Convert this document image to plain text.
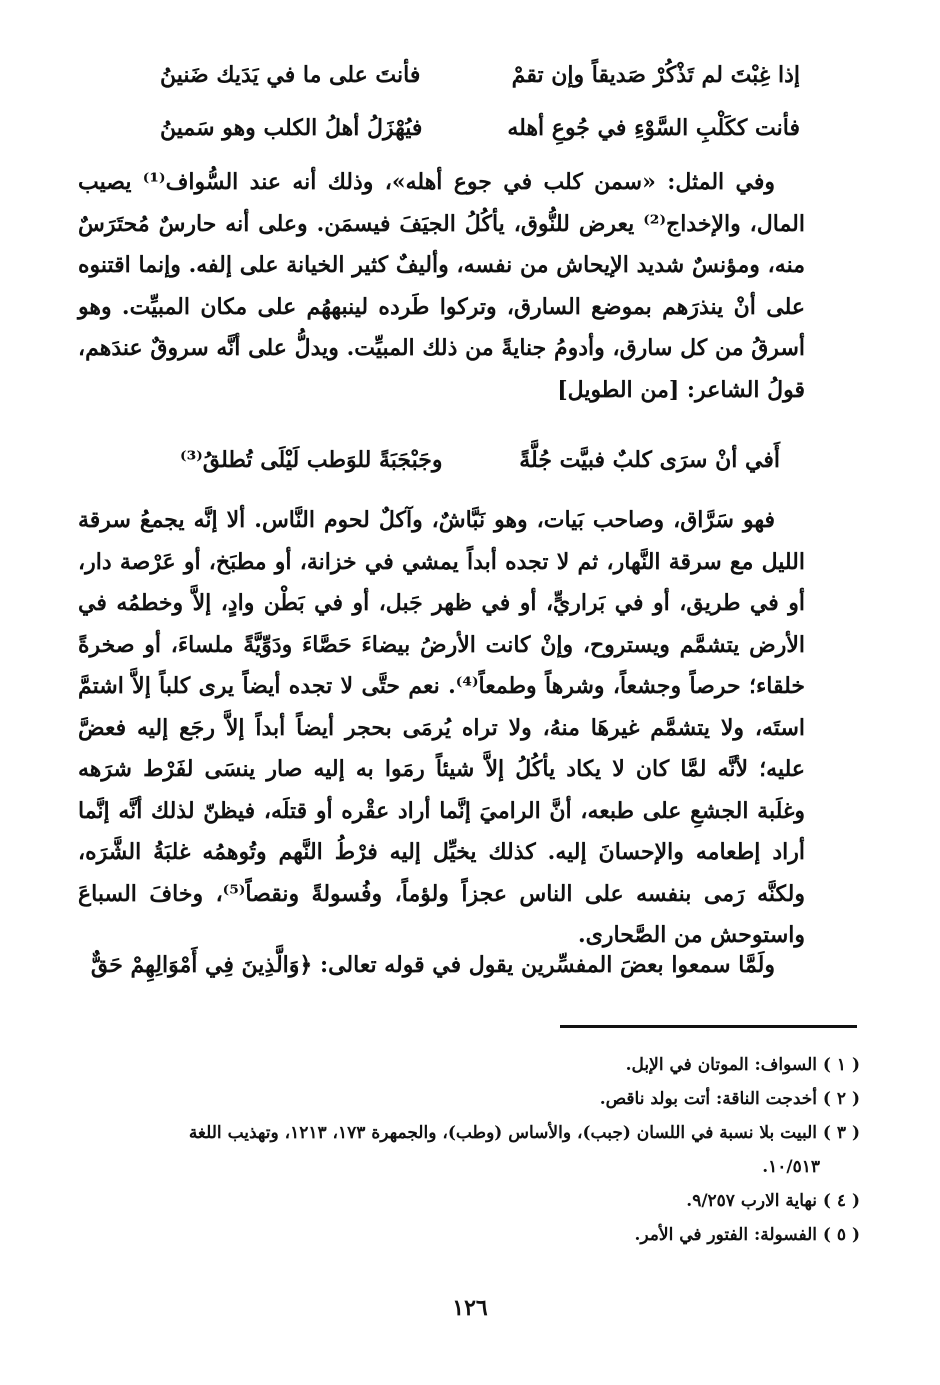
إذا غِبْتَ لم تَذْكُرْ صَديقاً وإن تقمْ
فأنتَ على ما في يَدَيك ضَنينُ
فأنت ككَلْبِ السَّوْءِ في جُوعِ أهله
فيُهْزَلُ أهلُ الكلب وهو سَمينُ

وفي المثل: «سمن كلب في جوع أهله»، وذلك أنه عند السُّواف⁽¹⁾ يصيب المال، والإخداج⁽²⁾ يعرض للنُّوق، يأكُلُ الجيَفَ فيسمَن. وعلى أنه حارسٌ مُحتَرَسٌ منه، ومؤنسٌ شديد الإيحاش من نفسه، وأليفٌ كثير الخيانة على إلفه. وإنما اقتنوه على أنْ ينذرَهم بموضع السارق، وتركوا طَرده لينبههُم على مكان المبيِّت. وهو أسرقُ من كل سارق، وأدومُ جنايةً من ذلك المبيِّت. ويدلُّ على أنَّه سروقٌ عندَهم، قولُ الشاعر: [من الطويل]

أَفي أنْ سرَى كلبٌ فبيَّت جُلَّةً
وجَبْجَبَةً للوَطب لَيْلَى تُطلقُ⁽³⁾

فهو سَرَّاق، وصاحب بَيات، وهو نَبَّاشٌ، وآكلٌ لحوم النَّاس. ألا إنَّه يجمعُ سرقة الليل مع سرقة النَّهار، ثم لا تجده أبداً يمشي في خزانة، أو مطبَخ، أو عَرْصة دار، أو في طريق، أو في بَراريٍّ، أو في ظهر جَبل، أو في بَطْن وادٍ، إلاَّ وخطمُه في الأرض يتشمَّم ويستروح، وإنْ كانت الأرضُ بيضاءَ حَصَّاءَ ودَوِّيَّةً ملساءَ، أو صخرةً خلقاء؛ حرصاً وجشعاً، وشرهاً وطمعاً⁽⁴⁾. نعم حتَّى لا تجده أيضاً يرى كلباً إلاَّ اشتمَّ استَه، ولا يتشمَّم غيرهَا منهُ، ولا تراه يُرمَى بحجر أيضاً أبداً إلاَّ رجَع إليه فعضَّ عليه؛ لأنَّه لمَّا كان لا يكاد يأكُلُ إلاَّ شيئاً رمَوا به إليه صار ينسَى لفَرْط شرَهه وغلَبة الجشعِ على طبعه، أنَّ الراميَ إنَّما أراد عقْره أو قتلَه، فيظنّ لذلك أنَّه إنَّما أراد إطعامه والإحسانَ إليه. كذلك يخيِّل إليه فرْطُ النَّهم وتُوهمُه غلبَةُ الشَّرَه، ولكنَّه رَمى بنفسه على الناس عجزاً ولؤماً، وفُسولةً ونقصاً⁽⁵⁾، وخافَ السباعَ واستوحش من الصَّحارى.

ولَمَّا سمعوا بعضَ المفسِّرين يقول في قوله تعالى: ﴿وَالَّذِينَ فِي أَمْوَالِهِمْ حَقٌّ

( ١ ) السواف: الموتان في الإبل.

( ٢ ) أخدجت الناقة: أتت بولد ناقص.

( ٣ ) البيت بلا نسبة في اللسان (جبب)، والأساس (وطب)، والجمهرة ١٧٣، ١٢١٣، وتهذيب اللغة

١٠/٥١٣.

( ٤ ) نهاية الارب ٩/٢٥٧.

( ٥ ) الفسولة: الفتور في الأمر.

١٢٦
